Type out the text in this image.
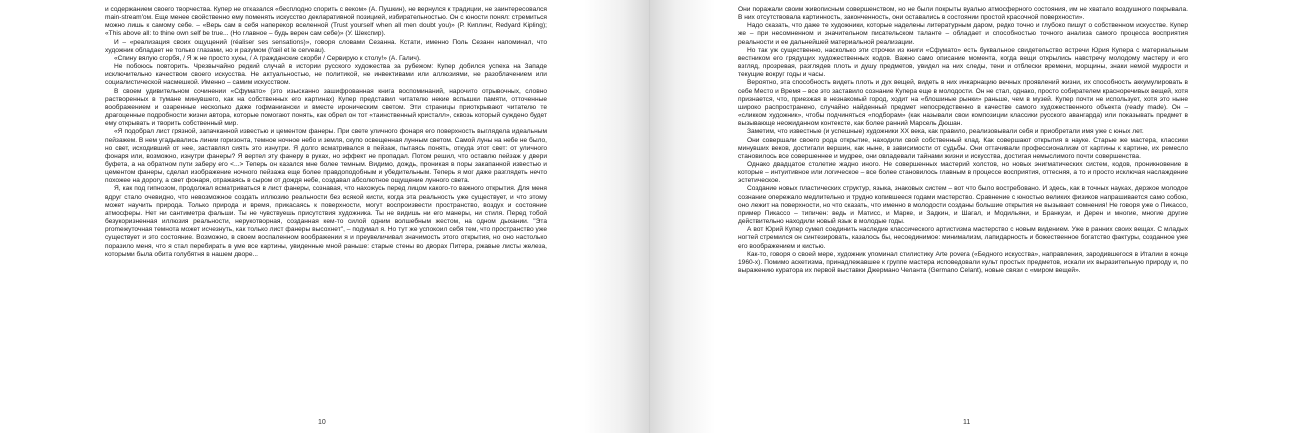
и содержанием своего творчества. Купер не отказался «бесплодно спорить с веком» (А. Пушкин), не вернулся к традиции, не заинтересовался main-stream'ом. Еще менее свойственно ему поменять искусство декларативной позицией, избирательностью. Он с юности понял: стремиться можно лишь к самому себе. – «Верь сам в себя наперекор вселенной (Trust yourself when all men doubt you)» (Р. Киплинг, Redyard Kipling); «This above all: to thine own self be true... (Но главное – будь верен сам себе)» (У. Шекспир).

И – «реализация своих ощущений (réaliser ses sensations)», говоря словами Сезанна. Кстати, именно Поль Сезанн напоминал, что художник обладает не только глазами, но и разумом (l'œil et le cerveau).

«Спину вялую сгорбя, / Я ж не просто хухы, / А гражданские скорби / Сервирую к столу!» (А. Галич).

Не побоюсь повторить. Чрезвычайно редкий случай в истории русского художества за рубежом: Купер добился успеха на Западе исключительно качеством своего искусства. Не актуальностью, не политикой, не инвективами или аллюзиями, не разоблачением или социалистической насмешкой. Именно – самим искусством.

В своем удивительном сочинении «Сфумато» (это изысканно зашифрованная книга воспоминаний, нарочито отрывочных, словно растворенных в туманe минувшего, как на собственных его картинах) Купер представил читателю некие вспышки памяти, отточенные воображением и озаренные несколько даже гофманиански и вместе ироническим светом. Эти страницы приоткрывают читателю те драгоценные подробности жизни автора, которые помогают понять, как обрел он тот «таинственный кристалл», сквозь который суждено будет ему открывать и творить собственный мир.

«Я подобрал лист грязной, запачканной известью и цементом фанеры. При свете уличного фонаря его поверхность выглядела идеальным пейзажем. В нем угадывались линии горизонта, темное ночное небо и земля, скупо освещенная лунным светом. Самой луны на небе не было, но свет, исходивший от нее, заставлял сиять это изнутри. Я долго всматривался в пейзаж, пытаясь понять, откуда этот свет: от уличного фонаря или, возможно, изнутри фанеры? Я вертел эту фанеру в руках, но эффект не пропадал. Потом решил, что оставлю пейзаж у двери буфета, а на обратном пути заберу его <...> Теперь он казался мне более темным. Видимо, дождь, проникая в поры закапанной известью и цементом фанеры, сделал изображение ночного пейзажа еще более правдоподобным и убедительным. Теперь я мог даже разглядеть нечто похожее на дорогу, а свет фонаря, отражаясь в сыром от дождя небе, создавал абсолютное ощущение лунного света.

Я, как под гипнозом, продолжал всматриваться в лист фанеры, сознавая, что нахожусь перед лицом какого-то важного открытия. Для меня вдруг стало очевидно, что невозможное создать иллюзию реальности без всякой кисти, когда эта реальность уже существует, и что этому может научить природа. Только природа и время, прикасаясь к поверхности, могут воспроизвести пространство, воздух и состояние атмосферы. Нет ни сантиметра фальши. Ты не чувствуешь присутствия художника. Ты не видишь ни его манеры, ни стиля. Перед тобой безукоризненная иллюзия реальности, нерукотворная, созданная кем-то силой одним волшебным жестом, на одном дыхании. "Эта promeжуточная темнота может исчезнуть, как только лист фанеры высохнет", – подумал я. Но тут же успокоил себя тем, что пространство уже существует и это состояние. Возможно, в своем воспаленном воображении я и преувеличивал значимость этого открытия, но оно настолько поразило меня, что я стал перебирать в уме все картины, увиденные мной раньше: старые стены во дворах Питера, ржавые листы железа, которыми была обита голубятня в нашем дворе...

10

Они поражали своим живописным совершенством, но не были покрыты вуалью атмосферного состояния, им не хватало воздушного покрывала. В них отсутствовала картинность, законченность, они оставались в состоянии простой красочной поверхности».

Надо сказать, что даже те художники, которые наделены литературным даром, редко точно и глубоко пишут о собственном искусстве. Купер же – при несомненном и значительном писательском таланте – обладает и способностью точного анализа самого процесса восприятия реальности и ее дальнейшей материальной реализации.

Но так уж существенно, насколько эти строчки из книги «Сфумато» есть буквальное свидетельство встречи Юрия Купера с материальным вестником его грядущих художественных кодов. Важно само описание момента, когда вещи открылись навстречу молодому мастеру и его взгляд, прозревая, разглядев плоть и душу предметов, увидел на них следы, тени и отблески времени, морщины, знаки немой мудрости и текущие вокруг годы и часы.

Вероятно, эта способность видеть плоть и дух вещей, видеть в них инкарнацию вечных проявлений жизни, их способность аккумулировать в себе Место и Время – все это заставило сознание Купера еще в молодости. Он не стал, однако, просто собирателем красноречивых вещей, хотя признается, что, приезжая в незнакомый город, ходит на «блошиные рынки» раньше, чем в музей. Купер почти не использует, хотя это ныне широко распространено, случайно найденный предмет непосредственно в качестве самого художественного объекта (ready made). Он – «сликком художник», чтобы подчиняться «подборам» (как называли свои композиции классики русского авангарда) или показывать предмет в вызывающе неожиданном контексте, как более ранний Марсель Дюшан.

Заметим, что известные (и успешные) художники XX века, как правило, реализовывали себя и приобретали имя уже с юных лет.

Они совершали своего рода открытие, находили свой собственный клад. Как совершают открытия в науке. Старые же мастера, классики минувших веков, достигали вершин, как ныне, в зависимости от судьбы. Они оттачивали профессионализм от картины к картине, их ремесло становилось все совершеннее и мудрее, они овладевали тайнами жизни и искусства, достигая немыслимого почти совершенства.

Однако двадцатое столетие жадно иного. Не совершенных мастерий холстов, но новых энигматических систем, кодов, проникновение в которые – интуитивное или логическое – все более становилось главным в процессе восприятия, оттесняя, а то и просто исключая наслаждение эстетическое.

Создание новых пластических структур, языка, знаковых систем – вот что было востребовано. И здесь, как в точных науках, дерзкое молодое сознание опережало медлительно и трудно копившееся годами мастерство. Сравнение с юностью великих физиков напрашивается само собою, оно лежит на поверхности, но что сказать, что именно в молодости созданы большие открытия не вызывает сомнения! Не говоря уже о Пикассо, пример Пикассо – типичен: ведь и Матисс, и Марке, и Задкин, и Шагал, и Модильяни, и Бранкузи, и Дерен и многие, многие другие действительно находили новый язык в молодые годы.

А вот Юрий Купер сумел соединить наследие классического артистизма мастерство с новым видением. Уже в ранних своих вещах. С младых ногтей стремился он синтезировать, казалось бы, несоединимое: минимализм, лапидарность и божественное богатство фактуры, созданное уже его воображением и кистью.

Как-то, говоря о своей мере, художник упоминал стилистику Arte povera («Бедного искусства», направления, зародившегося в Италии в конце 1960-х). Помимо аскетизма, принадлежавшее к группе мастера исповедовали культ простых предметов, искали их выразительную природу и, по выражению куратора их первой выставки Джермано Челанта (Germano Celant), новые связи с «миром вещей».

11
